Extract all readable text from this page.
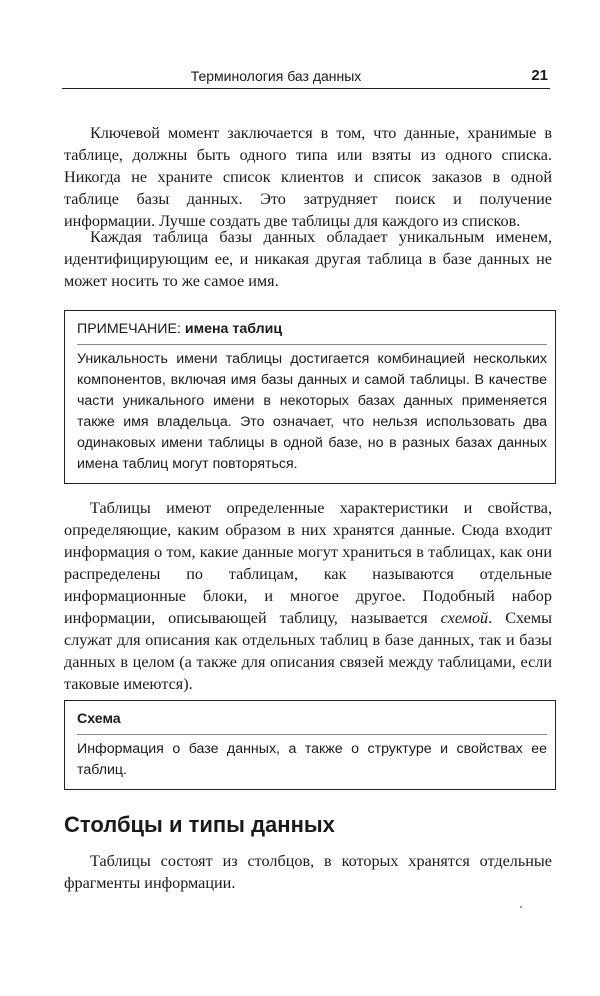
Терминология баз данных	21

Ключевой момент заключается в том, что данные, хранимые в таблице, должны быть одного типа или взяты из одного списка. Никогда не храните список клиентов и список заказов в одной таблице базы данных. Это затрудняет поиск и получение информации. Лучше создать две таблицы для каждого из списков.

Каждая таблица базы данных обладает уникальным именем, идентифицирующим ее, и никакая другая таблица в базе данных не может носить то же самое имя.

ПРИМЕЧАНИЕ: имена таблиц

Уникальность имени таблицы достигается комбинацией нескольких компонентов, включая имя базы данных и самой таблицы. В качестве части уникального имени в некоторых базах данных применяется также имя владельца. Это означает, что нельзя использовать два одинаковых имени таблицы в одной базе, но в разных базах данных имена таблиц могут повторяться.

Таблицы имеют определенные характеристики и свойства, определяющие, каким образом в них хранятся данные. Сюда входит информация о том, какие данные могут храниться в таблицах, как они распределены по таблицам, как называются отдельные информационные блоки, и многое другое. Подобный набор информации, описывающей таблицу, называется схемой. Схемы служат для описания как отдельных таблиц в базе данных, так и базы данных в целом (а также для описания связей между таблицами, если таковые имеются).

Схема

Информация о базе данных, а также о структуре и свойствах ее таблиц.

Столбцы и типы данных

Таблицы состоят из столбцов, в которых хранятся отдельные фрагменты информации.
